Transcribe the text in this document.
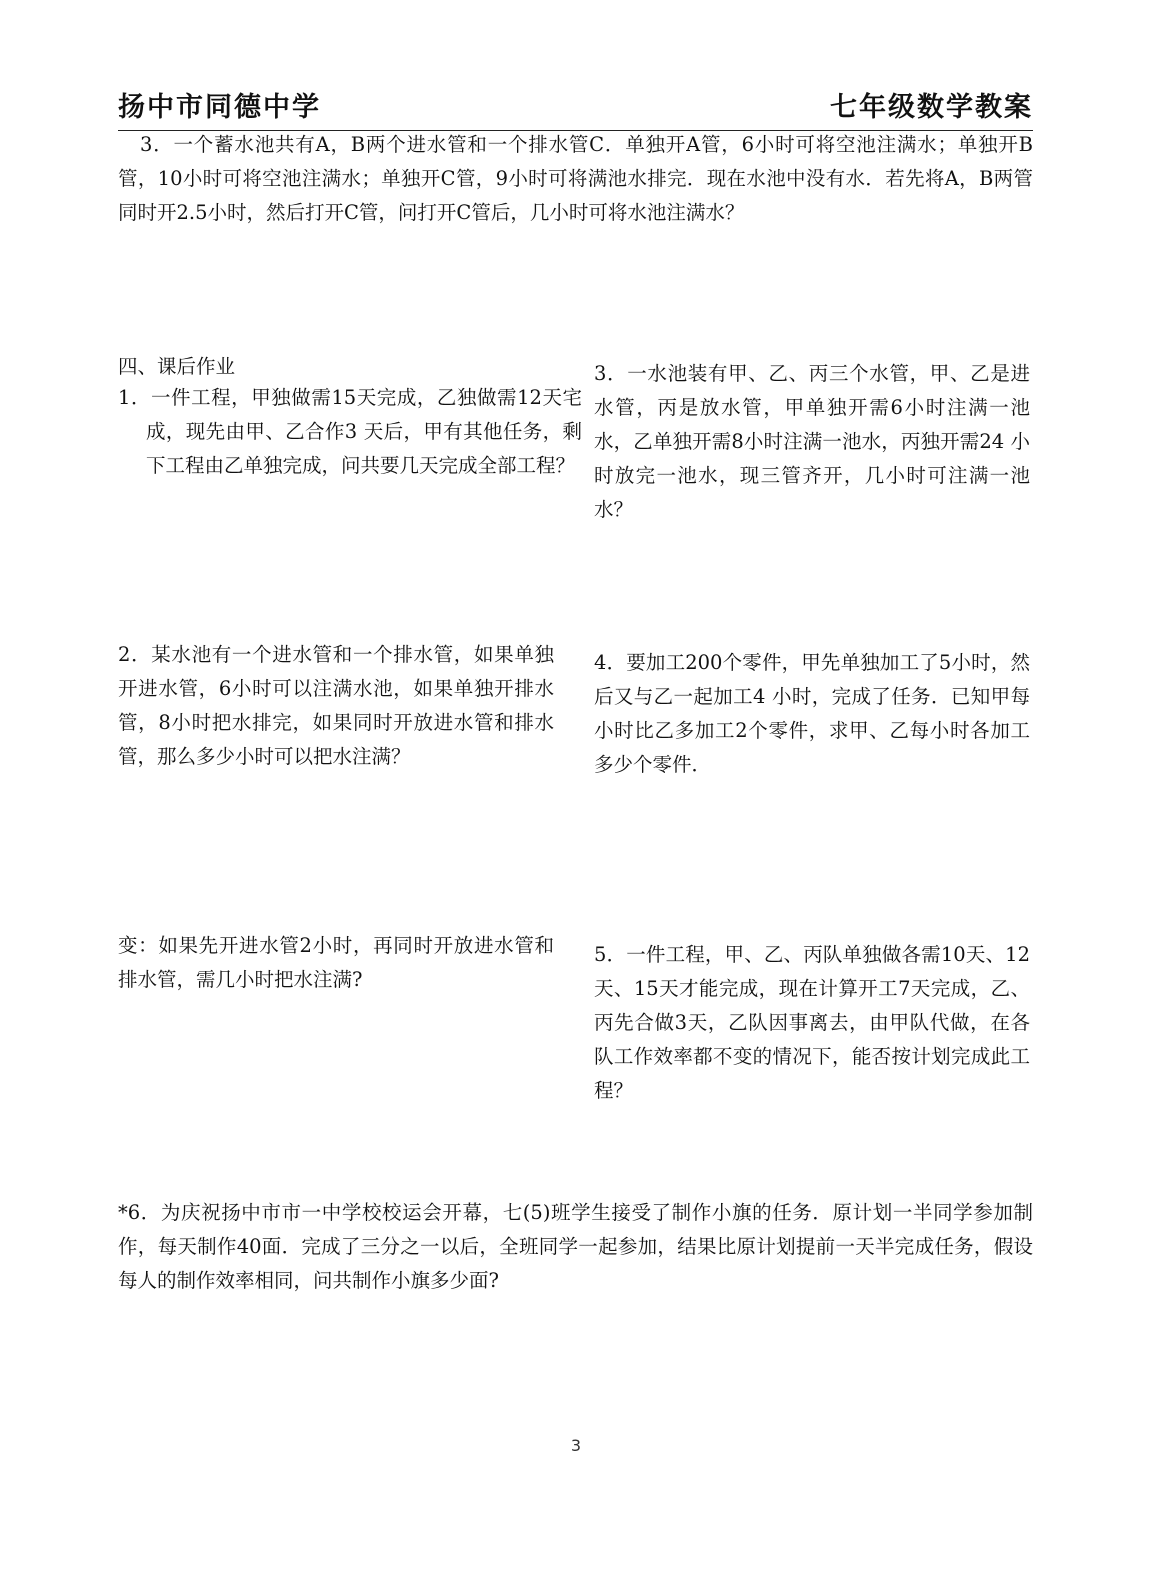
扬中市同德中学	七年级数学教案

3．一个蓄水池共有A，B两个进水管和一个排水管C．单独开A管，6小时可将空池注满水；单独开B管，10小时可将空池注满水；单独开C管，9小时可将满池水排完．现在水池中没有水．若先将A，B两管同时开2.5小时，然后打开C管，问打开C管后，几小时可将水池注满水？

四、课后作业

1．一件工程，甲独做需15天完成，乙独做需12天宅成，现先由甲、乙合作3 天后，甲有其他任务，剩下工程由乙单独完成，问共要几天完成全部工程？

2．某水池有一个进水管和一个排水管，如果单独开进水管，6小时可以注满水池，如果单独开排水管，8小时把水排完，如果同时开放进水管和排水管，那么多少小时可以把水注满？

变：如果先开进水管2小时，再同时开放进水管和排水管，需几小时把水注满?

3．一水池装有甲、乙、丙三个水管，甲、乙是进水管，丙是放水管，甲单独开需6小时注满一池水，乙单独开需8小时注满一池水，丙独开需24 小时放完一池水，现三管齐开，几小时可注满一池水？

4．要加工200个零件，甲先单独加工了5小时，然后又与乙一起加工4 小时，完成了任务．已知甲每小时比乙多加工2个零件，求甲、乙每小时各加工多少个零件．

5．一件工程，甲、乙、丙队单独做各需10天、12天、15天才能完成，现在计算开工7天完成，乙、丙先合做3天，乙队因事离去，由甲队代做，在各队工作效率都不变的情况下，能否按计划完成此工程？

*6．为庆祝扬中市市一中学校校运会开幕，七(5)班学生接受了制作小旗的任务．原计划一半同学参加制作，每天制作40面．完成了三分之一以后，全班同学一起参加，结果比原计划提前一天半完成任务，假设每人的制作效率相同，问共制作小旗多少面?

3
